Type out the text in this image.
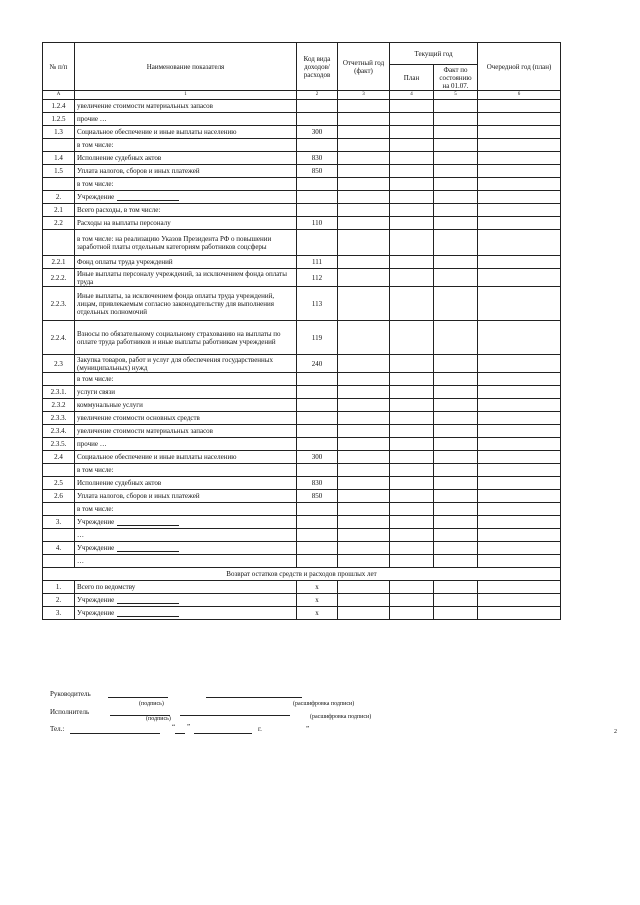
№ п/п	Наименование показателя	Код вида доходов/ расходов	Отчетный год (факт)	Текущий год		Очередной год (план)
				План	Факт по состоянию на 01.07.	
А	1	2	3	4	5	6
1.2.4	увеличение стоимости материальных запасов					
1.2.5	прочие …					
1.3	Социальное обеспечение и иные выплаты населению	300				
	в том числе:					
1.4	Исполнение судебных актов	830				
1.5	Уплата налогов, сборов и иных платежей	850				
	в том числе:					
2.	Учреждение					
2.1	Всего расходы, в том числе:					
2.2	Расходы на выплаты персоналу	110				
	в том числе: на реализацию Указов Президента РФ о повышении заработной платы отдельным категориям работников соцсферы					
2.2.1	Фонд оплаты труда учреждений	111				
2.2.2.	Иные выплаты персоналу учреждений, за исключением фонда оплаты труда	112				
2.2.3.	Иные выплаты, за исключением фонда оплаты труда учреждений, лицам, привлекаемым согласно законодательству для выполнения отдельных полномочий	113				
2.2.4.	Взносы по обязательному социальному страхованию на выплаты по оплате труда работников и иные выплаты работникам учреждений	119				
2.3	Закупка товаров, работ и услуг для обеспечения государственных (муниципальных) нужд	240				
	в том числе:					
2.3.1.	услуги связи					
2.3.2	коммунальные услуги					
2.3.3.	увеличение стоимости основных средств					
2.3.4.	увеличение стоимости материальных запасов					
2.3.5.	прочие …					
2.4	Социальное обеспечение и иные выплаты населению	300				
	в том числе:					
2.5	Исполнение судебных актов	830				
2.6	Уплата налогов, сборов и иных платежей	850				
	в том числе:					
3.	Учреждение					
	…					
4.	Учреждение					
	…					
Возврат остатков средств и расходов прошлых лет						
1.	Всего по ведомству	х				
2.	Учреждение	х				
3.	Учреждение	х				
Руководитель
(подпись)	(расшифровка подписи)
Исполнитель
(подпись)	(расшифровка подписи)
Тел.:	“ ”	г.	”	2
